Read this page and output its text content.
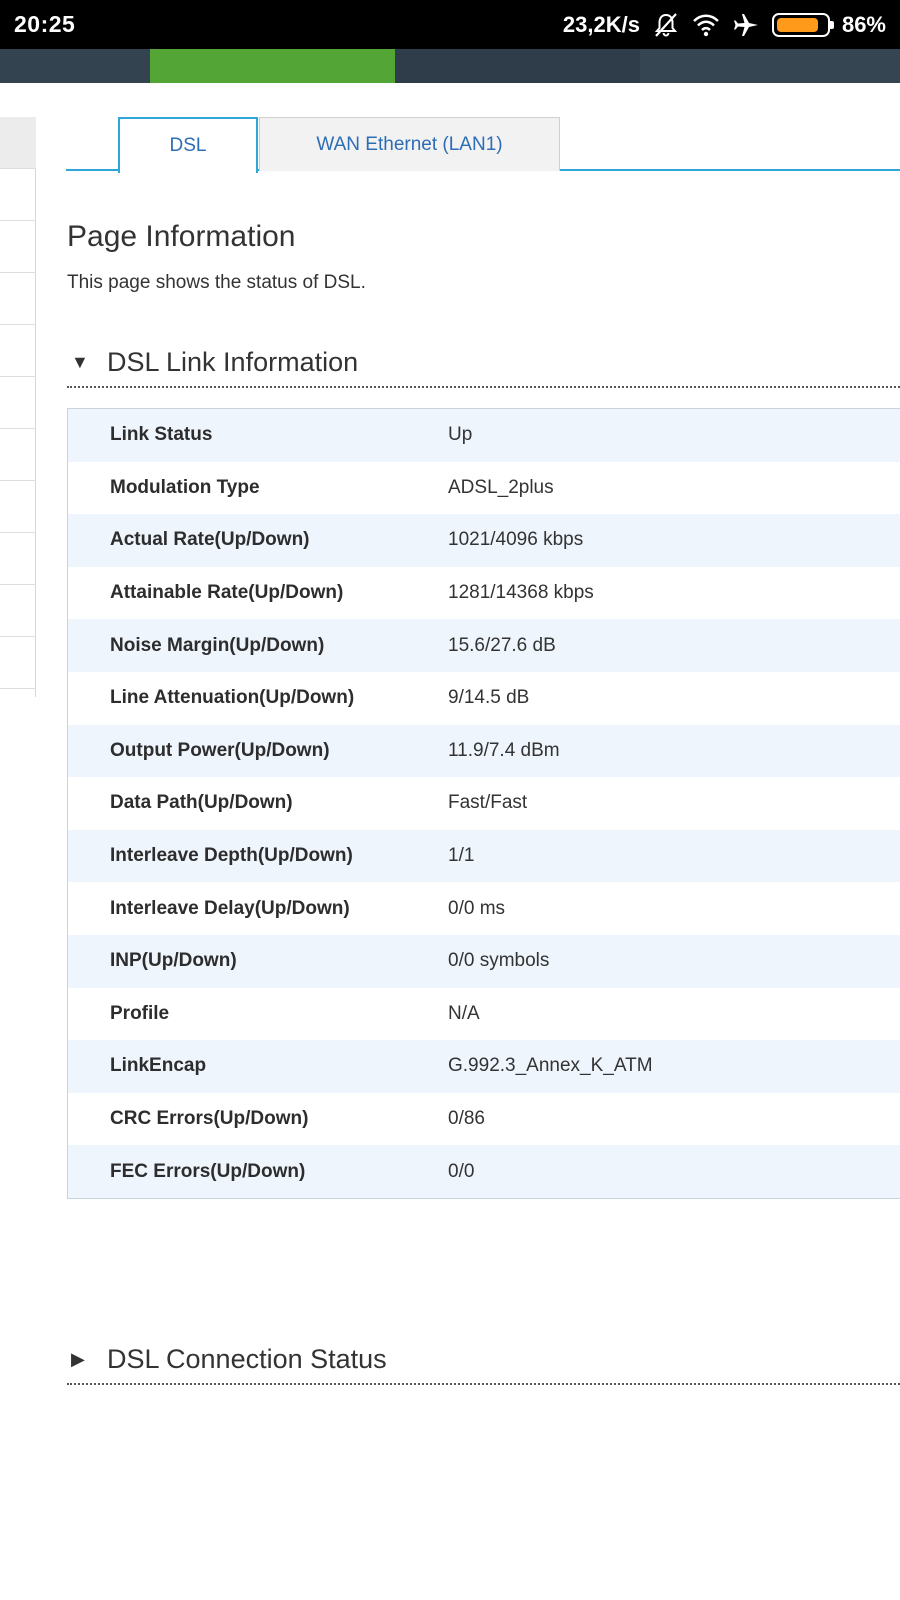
20:25	23,2K/s	86%
DSL	WAN Ethernet (LAN1)
Page Information

This page shows the status of DSL.

▼ DSL Link Information
Link Status	Up
Modulation Type	ADSL_2plus
Actual Rate(Up/Down)	1021/4096 kbps
Attainable Rate(Up/Down)	1281/14368 kbps
Noise Margin(Up/Down)	15.6/27.6 dB
Line Attenuation(Up/Down)	9/14.5 dB
Output Power(Up/Down)	11.9/7.4 dBm
Data Path(Up/Down)	Fast/Fast
Interleave Depth(Up/Down)	1/1
Interleave Delay(Up/Down)	0/0 ms
INP(Up/Down)	0/0 symbols
Profile	N/A
LinkEncap	G.992.3_Annex_K_ATM
CRC Errors(Up/Down)	0/86
FEC Errors(Up/Down)	0/0
▶ DSL Connection Status
